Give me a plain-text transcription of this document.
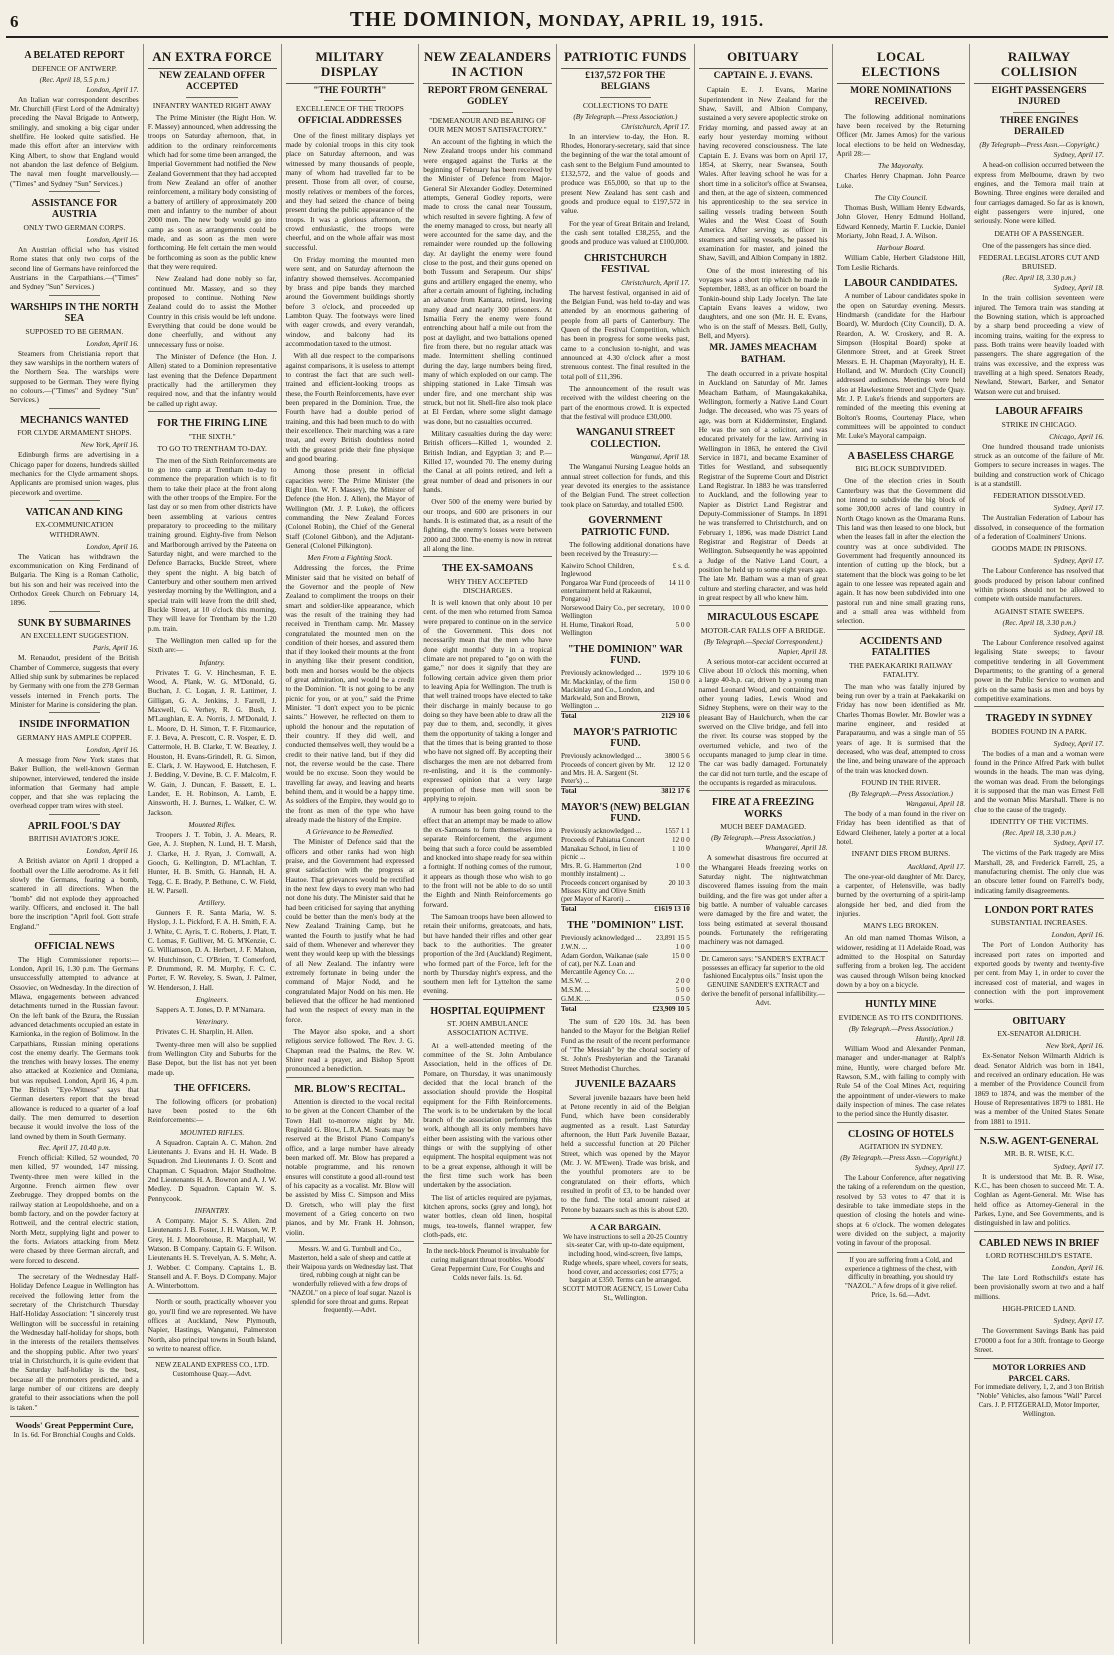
6	THE DOMINION, MONDAY, APRIL 19, 1915.
A BELATED REPORT
DEFENCE OF ANTWERP.
(Rec. April 18, 5.5 p.m.)
London, April 17.

An Italian war correspondent describes Mr. Churchill (First Lord of the Admiralty) preceding the Naval Brigade to Antwerp, smilingly, and smoking a big cigar under shellfire. He looked quite satisfied. He made this effort after an interview with King Albert, to show that England would not abandon the last defence of Belgium. The naval men fought marvellously.—("Times" and Sydney "Sun" Services.)

ASSISTANCE FOR AUSTRIA
ONLY TWO GERMAN CORPS.
London, April 16.

An Austrian official who has visited Rome states that only two corps of the second line of Germans have reinforced the Austrians in the Carpathians.—("Times" and Sydney "Sun" Services.)

WARSHIPS IN THE NORTH SEA
SUPPOSED TO BE GERMAN.
London, April 16.

Steamers from Christiania report that they saw warships in the northern waters of the Northern Sea. The warships were supposed to be German. They were flying no colours.—("Times" and Sydney "Sun" Services.)

MECHANICS WANTED
FOR CLYDE ARMAMENT SHOPS.
New York, April 16.

Edinburgh firms are advertising in a Chicago paper for dozens, hundreds skilled mechanics for the Clyde armament shops. Applicants are promised union wages, plus piecework and overtime.

VATICAN AND KING
EX-COMMUNICATION WITHDRAWN.
London, April 16.

The Vatican has withdrawn the excommunication on King Ferdinand of Bulgaria. The King is a Roman Catholic, but his son and heir was received into the Orthodox Greek Church on February 14, 1896.

SUNK BY SUBMARINES
AN EXCELLENT SUGGESTION.
Paris, April 16.

M. Renaudot, president of the British Chamber of Commerce, suggests that every Allied ship sunk by submarines be replaced by Germany with one from the 278 German vessels interned in French ports. The Minister for Marine is considering the plan.

INSIDE INFORMATION
GERMANY HAS AMPLE COPPER.
London, April 16.

A message from New York states that Baker Bullion, the well-known German shipowner, interviewed, tendered the inside information that Germany had ample copper, and that she was replacing the overhead copper tram wires with steel.

APRIL FOOL'S DAY
BRITISH AVIATOR'S JOKE.
London, April 16.

A British aviator on April 1 dropped a football over the Lille aerodrome. As it fell slowly the Germans, fearing a bomb, scattered in all directions. When the "bomb" did not explode they approached warily. Officers, and enclosed it. The ball bore the inscription "April fool. Gott strafe England."

OFFICIAL NEWS

The High Commissioner reports:— London, April 16, 1.30 p.m. The Germans unsuccessfully attempted to advance at Ossoviec, on Wednesday. In the direction of Mlawa, engagements between advanced detachments turned in the Russian favour. On the left bank of the Bzura, the Russian advanced detachments occupied an estate in Kamionka, in the region of Bolimow. In the Carpathians, Russian mining operations cost the enemy dearly. The Germans took the trenches with heavy losses. The enemy also attacked at Kozienice and Ozmiana, but was repulsed. London, April 16, 4 p.m. The British "Eye-Witness" says that German deserters report that the bread allowance is reduced to a quarter of a loaf daily. The men demurred to desertion because it would involve the loss of the land owned by them in South Germany.

Rec. April 17, 10.40 p.m.

French official: Killed, 52 wounded, 70 men killed, 97 wounded, 147 missing. Twenty-three men were killed in the Argonne. French airmen flew over Zeebrugge. They dropped bombs on the railway station at Leopoldshoehe, and on a bomb factory, and on the powder factory at Rottweil, and the central electric station, North Metz, supplying light and power to the forts. Aviators attacking from Metz were chased by three German aircraft, and were forced to descend.

The secretary of the Wednesday Half-Holiday Defence League in Wellington has received the following letter from the secretary of the Christchurch Thursday Half-Holiday Association: "I sincerely trust Wellington will be successful in retaining the Wednesday half-holiday for shops, both in the interests of the retailers themselves and the shopping public. After two years' trial in Christchurch, it is quite evident that the Saturday half-holiday is the best, because all the promoters predicted, and a large number of our citizens are deeply grateful to their associations when the poll is taken."

Woods' Great Peppermint Cure,
In 1s. 6d. For Bronchial Coughs and Colds.
AN EXTRA FORCE
NEW ZEALAND OFFER ACCEPTED
INFANTRY WANTED RIGHT AWAY

The Prime Minister (the Right Hon. W. F. Massey) announced, when addressing the troops on Saturday afternoon, that, in addition to the ordinary reinforcements which had for some time been arranged, the Imperial Government had notified the New Zealand Government that they had accepted from New Zealand an offer of another reinforcement, a military body consisting of a battery of artillery of approximately 200 men and infantry to the number of about 2000 men. The new body would go into camp as soon as arrangements could be made, and as soon as the men were forthcoming. He felt certain the men would be forthcoming as soon as the public knew that they were required.

New Zealand had done nobly so far, continued Mr. Massey, and so they proposed to continue. Nothing New Zealand could do to assist the Mother Country in this crisis would be left undone. Everything that could be done would be done cheerfully, and without any unnecessary fuss or noise.

The Minister of Defence (the Hon. J. Allen) stated to a Dominion representative last evening that the Defence Department practically had the artillerymen they required now, and that the infantry would be called up right away.

FOR THE FIRING LINE
"THE SIXTH."
TO GO TO TRENTHAM TO-DAY.

The men of the Sixth Reinforcements are to go into camp at Trentham to-day to commence the preparation which is to fit them to take their place at the front along with the other troops of the Empire. For the last day or so men from other districts have been assembling at various centres preparatory to proceeding to the military training ground. Eighty-five from Nelson and Marlborough arrived by the Pateena on Saturday night, and were marched to the Defence Barracks, Buckle Street, where they spent the night. A big batch of Canterbury and other southern men arrived yesterday morning by the Wellington, and a special train will leave from the drill shed, Buckle Street, at 10 o'clock this morning. They will leave for Trentham by the 1.20 p.m. train.

The Wellington men called up for the Sixth are:—

Infantry.

Privates T. G. V. Hinchesman, F. E. Wood, A. Plank, W. G. M'Donald, G. Buchan, J. C. Logan, J. R. Lattimer, J. Gilligan, G. A. Jenkins, J. Farrell, J. Maxwell, G. Verhey, R. G. Bush, J. M'Laughlan, E. A. Norris, J. M'Donald, J. L. Moore, D. H. Simon, T. F. Fitzmaurice, F. J. Beva, A. Prescott, C. R. Vosper, E. D. Cattermole, H. B. Clarke, T. W. Beazley, J. Houston, H. Evans-Grindell, R. G. Simon, E. Clark, J. W. Haywood, E. Hutchesen, F. J. Bedding, V. Devine, B. C. F. Malcolm, F. W. Gain, J. Duncan, F. Bassett, E. L. Lander, E. H. Robinson, A. Lamb, E. Ainsworth, H. J. Burnes, L. Walker, C. W. Jackson.

Mounted Rifles.

Troopers J. T. Tobin, J. A. Mears, R. Gee, A. J. Stephen, N. Lund, H. T. Marsh, J. Clarke, H. J. Ryan, J. Cornwall, A. Gooch, G. Kellington, D. M'Lachlan, T. Hunter, H. B. Smith, G. Hannah, H. A. Tegg, C. E. Brady, P. Bethune, C. W. Field, H. W. Parsell.

Artillery.

Gunners F. R. Santa Maria, W. S. Hyslop, J. L. Pickford, F. A. H. Smith, F. A. J. White, C. Ayris, T. C. Roberts, J. Platt, T. C. Lomas, F. Gulliver, M. G. M'Kenzie, C. G. Williamson, D. A. Herbert, J. F. Mahon, W. Hutchinson, C. O'Brien, T. Comerford, P. Drummond, R. M. Murphy, F. C. C. Porter, F. W. Reveley, S. Swan, J. Palmer, W. Henderson, J. Hall.

Engineers.

Sappers A. T. Jones, D. P. M'Namara.

Veterinary.

Privates C. H. Sharplin, H. Allen.

Twenty-three men will also be supplied from Wellington City and Suburbs for the Base Depot, but the list has not yet been made up.

THE OFFICERS.

The following officers (or probation) have been posted to the 6th Reinforcements:—

MOUNTED RIFLES.

A Squadron. Captain A. C. Mahon. 2nd Lieutenants J. Evans and H. H. Wade. B Squadron. 2nd Lieutenants J. O. Scott and Chapman. C Squadron. Major Studholme. 2nd Lieutenants H. A. Bowron and A. J. W. Medley. D Squadron. Captain W. S. Pennycook.

INFANTRY.

A Company. Major S. S. Allen. 2nd Lieutenants J. B. Foster, J. H. Watson, W. P. Grey, H. J. Moorehouse, R. Macphail, W. Watson. B Company. Captain G. F. Wilson. Lieutenants H. S. Trevelyan, A. S. Mehr, A. J. Webber. C Company. Captains L. B. Stansell and A. F. Boys. D Company. Major A. Winterbottom.

North or south, practically whoever you go, you'll find we are represented. We have offices at Auckland, New Plymouth, Napier, Hastings, Wanganui, Palmerston North, also principal towns in South Island, so write to nearest office.

NEW ZEALAND EXPRESS CO., LTD. Customhouse Quay.—Advt.
MILITARY DISPLAY
"THE FOURTH"
EXCELLENCE OF THE TROOPS
OFFICIAL ADDRESSES

One of the finest military displays yet made by colonial troops in this city took place on Saturday afternoon, and was witnessed by many thousands of people, many of whom had travelled far to be present. Those from all over, of course, mostly relatives or members of the forces, and they had seized the chance of being present during the public appearance of the troops. It was a glorious afternoon, the crowd enthusiastic, the troops were cheerful, and on the whole affair was most successful.

On Friday morning the mounted men were sent, and on Saturday afternoon the infantry showed themselves. Accompanied by brass and pipe bands they marched around the Government buildings shortly before 3 o'clock, and proceeded up Lambton Quay. The footways were lined with eager crowds, and every verandah, window, and balcony had its accommodation taxed to the utmost.

With all due respect to the comparisons against comparisons, it is useless to attempt to contrast the fact that are such well-trained and efficient-looking troops as these, the Fourth Reinforcements, have ever been prepared in the Dominion. True, the Fourth have had a double period of training, and this had been much to do with their excellence. Their marching was a rare treat, and every British doubtless noted with the greatest pride their fine physique and good bearing.

Among those present in official capacities were: The Prime Minister (the Right Hon. W. F. Massey), the Minister of Defence (the Hon. J. Allen), the Mayor of Wellington (Mr. J. P. Luke), the officers commanding the New Zealand Forces (Colonel Robin), the Chief of the General Staff (Colonel Gibbon), and the Adjutant-General (Colonel Pilkington).

Men From a Fighting Stock.

Addressing the forces, the Prime Minister said that he visited on behalf of the Governor and the people of New Zealand to compliment the troops on their smart and soldier-like appearance, which was the result of the training they had received in Trentham camp. Mr. Massey congratulated the mounted men on the condition of their horses, and assured them that if they looked their mounts at the front in anything like their present condition, both men and horses would be the objects of great admiration, and would be a credit to the Dominion. "It is not going to be any picnic for you, or at you," said the Prime Minister. "I don't expect you to be picnic saints." However, he reflected on them to uphold the honour and the reputation of their country. If they did well, and conducted themselves well, they would be a credit to their native land, but if they did not, the reverse would be the case. There would be no excuse. Soon they would be travelling far away, and leaving and hearts behind them, and it would be a happy time. As soldiers of the Empire, they would go to the front as men of the type who have already made the history of the Empire.

A Grievance to be Remedied.

The Minister of Defence said that the officers and other ranks had won high praise, and the Government had expressed great satisfaction with the progress at Hautoe. That grievances would be rectified in the next few days to every man who had not done his duty. The Minister said that he had been criticised for saying that anything could be better than the men's body at the New Zealand Training Camp, but he wanted the Fourth to justify what he had said of them. Whenever and wherever they went they would keep up with the blessings of all New Zealand. The infantry were extremely fortunate in being under the command of Major Nodd, and he congratulated Major Nodd on his men. He believed that the officer he had mentioned had won the respect of every man in the force.

The Mayor also spoke, and a short religious service followed. The Rev. J. G. Chapman read the Psalms, the Rev. W. Shirer read a prayer, and Bishop Sprott pronounced a benediction.

MR. BLOW'S RECITAL.

Attention is directed to the vocal recital to be given at the Concert Chamber of the Town Hall to-morrow night by Mr. Reginald G. Blow, L.R.A.M. Seats may be reserved at the Bristol Piano Company's office, and a large number have already been marked off. Mr. Blow has prepared a notable programme, and his renown ensures will constitute a good all-round test of his capacity as a vocalist. Mr. Blow will be assisted by Miss C. Simpson and Miss D. Gretsch, who will play the first movement of a Grieg concerto on two pianos, and by Mr. Frank H. Johnson, violin.

Messrs. W. and G. Turnbull and Co., Masterton, held a sale of sheep and cattle at their Waipoua yards on Wednesday last. That tired, rubbing cough at night can be wonderfully relieved with a few drops of "NAZOL" on a piece of loaf sugar. Nazol is splendid for sore throat and gums. Repeat frequently.—Advt.
NEW ZEALANDERS IN ACTION
REPORT FROM GENERAL GODLEY
"DEMEANOUR AND BEARING OF OUR MEN MOST SATISFACTORY."

An account of the fighting in which the New Zealand troops under his command were engaged against the Turks at the beginning of February has been received by the Minister of Defence from Major-General Sir Alexander Godley. Determined attempts, General Godley reports, were made to cross the canal near Toussum, which resulted in severe fighting. A few of the enemy managed to cross, but nearly all were accounted for the same day, and the remainder were rounded up the following day. At daylight the enemy were found close to the post, and their guns opened on both Tussum and Serapeum. Our ships' guns and artillery engaged the enemy, who after a certain amount of fighting, including an advance from Kantara, retired, leaving many dead and nearly 300 prisoners. At Ismailia Ferry the enemy were found entrenching about half a mile out from the post at daylight, and two battalions opened fire from there, but no regular attack was made. Intermittent shelling continued during the day, large numbers being fired, many of which exploded on our camp. The shipping stationed in Lake Timsah was under fire, and one merchant ship was struck, but not lit. Shell-fire also took place at El Ferdan, where some slight damage was done, but no casualties occurred.

Military casualties during the day were: British officers—Killed 1, wounded 2. British Indian, and Egyptian 3; and P.—Killed 17, wounded 70. The enemy during the Canal at all points retired, and left a great number of dead and prisoners in our hands.

Over 500 of the enemy were buried by our troops, and 600 are prisoners in our hands. It is estimated that, as a result of the fighting, the enemy's losses were between 2000 and 3000. The enemy is now in retreat all along the line.

THE EX-SAMOANS
WHY THEY ACCEPTED DISCHARGES.

It is well known that only about 10 per cent. of the men who returned from Samoa were prepared to continue on in the service of the Government. This does not necessarily mean that the men who have done eight months' duty in a tropical climate are not prepared to "go on with the game," nor does it signify that they are following certain advice given them prior to leaving Apia for Wellington. The truth is that well trained troops have elected to take their discharge in mainly because to go doing so they have been able to draw all the pay due to them, and, secondly, it gives them the opportunity of taking a longer and that the times that is being granted to those who have not signed off. By accepting their discharges the men are not debarred from re-enlisting, and it is the commonly-expressed opinion that a very large proportion of these men will soon be applying to rejoin.

A rumour has been going round to the effect that an attempt may be made to allow the ex-Samoans to form themselves into a separate Reinforcement, the argument being that such a force could be assembled and knocked into shape ready for sea within a fortnight. If nothing comes of the rumour, it appears as though those who wish to go to the front will not be able to do so until the Eighth and Ninth Reinforcements go forward.

The Samoan troops have been allowed to retain their uniforms, greatcoats, and hats, but have handed their rifles and other gear back to the authorities. The greater proportion of the 3rd (Auckland) Regiment, who formed part of the Force, left for the north by Thursday night's express, and the southern men left for Lyttelton the same evening.

HOSPITAL EQUIPMENT
ST. JOHN AMBULANCE ASSOCIATION ACTIVE.

At a well-attended meeting of the committee of the St. John Ambulance Association, held in the offices of Dr. Pomare, on Thursday, it was unanimously decided that the local branch of the association should provide the Hospital equipment for the Fifth Reinforcements. The work is to be undertaken by the local branch of the association performing this work, although all its only members have either been assisting with the various other things or with the supplying of other equipment. The hospital equipment was not to be a great expense, although it will be the first time such work has been undertaken by the association.

The list of articles required are pyjamas, kitchen aprons, socks (grey and long), hot water bottles, clean old linen, hospital mugs, tea-towels, flannel wrapper, few cloth-pads, etc.

In the neck-block Pneumol is invaluable for curing malignant throat troubles. Woods' Great Peppermint Cure, For Coughs and Colds never fails. 1s. 6d.
PATRIOTIC FUNDS
£137,572 FOR THE BELGIANS
COLLECTIONS TO DATE
(By Telegraph.—Press Association.)
Christchurch, April 17.

In an interview to-day, the Hon. R. Rhodes, Honorary-secretary, said that since the beginning of the war the total amount of cash sent to the Belgium Fund amounted to £132,572, and the value of goods and produce was £65,000, so that up to the present New Zealand has sent cash and goods and produce equal to £197,572 in value.

For the year of Great Britain and Ireland, the cash sent totalled £38,255, and the goods and produce was valued at £100,000.

CHRISTCHURCH FESTIVAL
Christchurch, April 17.

The harvest festival, organised in aid of the Belgian Fund, was held to-day and was attended by an enormous gathering of people from all parts of Canterbury. The Queen of the Festival Competition, which has been in progress for some weeks past, came to a conclusion to-night, and was announced at 4.30 o'clock after a most strenuous contest. The final resulted in the total poll of £11,396.

The announcement of the result was received with the wildest cheering on the part of the enormous crowd. It is expected that the festival will produce £30,000.

WANGANUI STREET COLLECTION.
Wanganui, April 18.

The Wanganui Nursing League holds an annual street collection for funds, and this year devoted its energies to the assistance of the Belgian Fund. The street collection took place on Saturday, and totalled £500.

GOVERNMENT PATRIOTIC FUND.

The following additional donations have been received by the Treasury:—

Kaiwiro School Children, Inglewood	£ s. d.
Pongaroa War Fund (proceeds of entertainment held at Rakaunui, Pongaroa)	14 11 0
Norsewood Dairy Co., per secretary, Wellington	10 0 0
H. Hume, Tinakori Road, Wellington	5 0 0
"THE DOMINION" WAR FUND.
Previously acknowledged ...	1979 10 6
Mr. Mackinlay, of the firm Mackinlay and Co., London, and Markwald, Son and Brown, Wellington ...	150 0 0
Total	2129 10 6
MAYOR'S PATRIOTIC FUND.
Previously acknowledged ...	3800 5 6
Proceeds of concert given by Mr. and Mrs. H. A. Sargent (St. Peter's) ...	12 12 0
Total	3812 17 6
MAYOR'S (NEW) BELGIAN FUND.
Previously acknowledged ...	1557 1 1
Proceeds of Pahiatua Concert	12 0 0
Manakau School, in lieu of picnic ...	1 10 0
Mrs. R. G. Hammerton (2nd monthly instalment) ...	1 0 0
Proceeds concert organised by Misses Kitty and Olive Smith (per Mayor of Karori) ...	20 10 3
Total	£1619 13 10
THE "DOMINION" LIST.
Previously acknowledged ...	23,891 15 5
J.W.N. ...	1 0 0
Adam Gordon, Waikanae (sale of cat), per N.Z. Loan and Mercantile Agency Co. ...	15 0 0
M.S.W. ...	2 0 0
M.S.M. ...	5 0 0
G.M.K. ...	0 5 0
Total	£23,909 10 5

The sum of £20 10s. 3d. has been handed to the Mayor for the Belgian Relief Fund as the result of the recent performance of "The Messiah" by the choral society of St. John's Presbyterian and the Taranaki Street Methodist Churches.

JUVENILE BAZAARS

Several juvenile bazaars have been held at Petone recently in aid of the Belgian Fund, which have been considerably augmented as a result. Last Saturday afternoon, the Hutt Park Juvenile Bazaar, held a successful function at 20 Pilcher Street, which was opened by the Mayor (Mr. J. W. M'Ewen). Trade was brisk, and the youthful promoters are to be congratulated on their efforts, which resulted in profit of £3, to be handed over to the fund. The total amount raised at Petone by bazaars such as this is about £20.

A CAR BARGAIN.
We have instructions to sell a 20-25 Country six-seater Car, with up-to-date equipment, including hood, wind-screen, five lamps, Rudge wheels, spare wheel, covers for seats, hood cover, and accessories; cost £775; a bargain at £350. Terms can be arranged. SCOTT MOTOR AGENCY, 15 Lower Cuba St., Wellington.
OBITUARY
CAPTAIN E. J. EVANS.

Captain E. J. Evans, Marine Superintendent in New Zealand for the Shaw, Savill, and Albion Company, sustained a very severe apoplectic stroke on Friday morning, and passed away at an early hour yesterday morning without having recovered consciousness. The late Captain E. J. Evans was born on April 17, 1854, at Skerry, near Swansea, South Wales. After leaving school he was for a short time in a solicitor's office at Swansea, and then, at the age of sixteen, commenced his apprenticeship to the sea service in sailing vessels trading between South Wales and the West Coast of South America. After serving as officer in steamers and sailing vessels, he passed his examination for master, and joined the Shaw, Savill, and Albion Company in 1882.

One of the most interesting of his voyages was a short trip which he made in September, 1883, as an officer on board the Tonkin-bound ship Lady Jocelyn. The late Captain Evans leaves a widow, two daughters, and one son (Mr. H. E. Evans, who is on the staff of Messrs. Bell, Gully, Bell, and Myers).

MR. JAMES MEACHAM BATHAM.

The death occurred in a private hospital in Auckland on Saturday of Mr. James Meacham Batham, of Maungakakahika, Wellington, formerly a Native Land Court Judge. The deceased, who was 75 years of age, was born at Kidderminster, England. He was the son of a solicitor, and was educated privately for the law. Arriving in Wellington in 1863, he entered the Civil Service in 1871, and became Examiner of Titles for Westland, and subsequently Registrar of the Supreme Court and District Land Registrar. In 1883 he was transferred to Auckland, and the following year to Napier as District Land Registrar and Deputy-Commissioner of Stamps. In 1891 he was transferred to Christchurch, and on February 1, 1896, was made District Land Registrar and Registrar of Deeds at Wellington. Subsequently he was appointed a Judge of the Native Land Court, a position he held up to some eight years ago. The late Mr. Batham was a man of great culture and sterling character, and was held in great respect by all who knew him.

MIRACULOUS ESCAPE
MOTOR-CAR FALLS OFF A BRIDGE.
(By Telegraph.—Special Correspondent.)
Napier, April 18.

A serious motor-car accident occurred at Clive about 10 o'clock this morning, when a large 40-h.p. car, driven by a young man named Leonard Wood, and containing two other young ladies, Lewis Wood and Sidney Stephens, were on their way to the pleasant Bay of Haulchurch, when the car swerved on the Clive bridge, and fell into the river. Its course was stopped by the overturned vehicle, and two of the occupants managed to jump clear in time. The car was badly damaged. Fortunately the car did not turn turtle, and the escape of the occupants is regarded as miraculous.

FIRE AT A FREEZING WORKS
MUCH BEEF DAMAGED.
(By Telegraph.—Press Association.)
Whangarei, April 18.

A somewhat disastrous fire occurred at the Whangarei Heads freezing works on Saturday night. The nightwatchman discovered flames issuing from the main building, and the fire was got under after a big battle. A number of valuable carcases were damaged by the fire and water, the loss being estimated at several thousand pounds. Fortunately the refrigerating machinery was not damaged.

Dr. Cameron says: "SANDER'S EXTRACT possesses an efficacy far superior to the old fashioned Eucalyptus oils." Insist upon the GENUINE SANDER'S EXTRACT and derive the benefit of personal infallibility.—Advt.
LOCAL ELECTIONS
MORE NOMINATIONS RECEIVED.

The following additional nominations have been received by the Returning Officer (Mr. James Amos) for the various local elections to be held on Wednesday, April 28:—

The Mayoralty.

Charles Henry Chapman. John Pearce Luke.

The City Council.

Thomas Bush, William Henry Edwards, John Glover, Henry Edmund Holland, Edward Kennedy, Martin F. Luckie, Daniel Moriarty, John Read, J. A. Wilson.

Harbour Board.

William Cable, Herbert Gladstone Hill, Tom Leslie Richards.

LABOUR CANDIDATES.

A number of Labour candidates spoke in the open on Saturday evening. Messrs. Hindmarsh (candidate for the Harbour Board), W. Murdoch (City Council), D. A. Reardon, A. W. Croskery, and R. A. Simpson (Hospital Board) spoke at Glenmore Street, and at Greek Street Messrs. E. H. Chapman (Mayoralty), H. E. Holland, and W. Murdoch (City Council) addressed audiences. Meetings were held also at Hawkestone Street and Clyde Quay. Mr. J. P. Luke's friends and supporters are reminded of the meeting this evening at Bolton's Rooms, Courtenay Place, when committees will be appointed to conduct Mr. Luke's Mayoral campaign.

A BASELESS CHARGE
BIG BLOCK SUBDIVIDED.

One of the election cries in South Canterbury was that the Government did not intend to subdivide the big block of some 300,000 acres of land country in North Otago known as the Omarama Runs. This land was then leased to one block, but when the leases fall in after the election the country was at once subdivided. The Government had frequently announced its intention of cutting up the block, but a statement that the block was going to be let again to one lessee was repeated again and again. It has now been subdivided into one pastoral run and nine small grazing runs, and a small area was withheld from selection.

ACCIDENTS AND FATALITIES
THE PAEKAKARIKI RAILWAY FATALITY.

The man who was fatally injured by being run over by a train at Paekakariki on Friday has now been identified as Mr. Charles Thomas Bowler. Mr. Bowler was a marine engineer, and resided at Paraparaumu, and was a single man of 55 years of age. It is surmised that the deceased, who was deaf, attempted to cross the line, and being unaware of the approach of the train was knocked down.

FOUND IN THE RIVER.
(By Telegraph.—Press Association.)
Wanganui, April 18.

The body of a man found in the river on Friday has been identified as that of Edward Cleihener, lately a porter at a local hotel.

INFANT DIES FROM BURNS.
Auckland, April 17.

The one-year-old daughter of Mr. Darcy, a carpenter, of Helensville, was badly burned by the overturning of a spirit-lamp alongside her bed, and died from the injuries.

MAN'S LEG BROKEN.

An old man named Thomas Wilson, a widower, residing at 11 Adelaide Road, was admitted to the Hospital on Saturday suffering from a broken leg. The accident was caused through Wilson being knocked down by a boy on a bicycle.

HUNTLY MINE
EVIDENCE AS TO ITS CONDITIONS.
(By Telegraph.—Press Association.)
Huntly, April 18.

William Wood and Alexander Penman, manager and under-manager at Ralph's mine, Huntly, were charged before Mr. Rawson, S.M., with failing to comply with Rule 54 of the Coal Mines Act, requiring the appointment of under-viewers to make daily inspection of mines. The case relates to the period since the Huntly disaster.

CLOSING OF HOTELS
AGITATION IN SYDNEY.
(By Telegraph.—Press Assn.—Copyright.)
Sydney, April 17.

The Labour Conference, after negativing the taking of a referendum on the question, resolved by 53 votes to 47 that it is desirable to take immediate steps in the question of closing the hotels and wine-shops at 6 o'clock. The women delegates were divided on the subject, a majority voting in favour of the proposal.

If you are suffering from a Cold, and experience a tightness of the chest, with difficulty in breathing, you should try "NAZOL." A few drops of it give relief. Price, 1s. 6d.—Advt.
RAILWAY COLLISION
EIGHT PASSENGERS INJURED
THREE ENGINES DERAILED
(By Telegraph—Press Assn.—Copyright.)
Sydney, April 17.

A head-on collision occurred between the express from Melbourne, drawn by two engines, and the Temora mail train at Bowning. Three engines were derailed and four carriages damaged. So far as is known, eight passengers were injured, one seriously. None were killed.

DEATH OF A PASSENGER.

One of the passengers has since died.

FEDERAL LEGISLATORS CUT AND BRUISED.
(Rec. April 18, 3.30 p.m.)
Sydney, April 18.

In the train collision seventeen were injured. The Temora train was standing at the Bowning station, which is approached by a sharp bend proceeding a view of incoming trains, waiting for the express to pass. Both trains were heavily loaded with passengers. The share aggregation of the trains was excessive, and the express was travelling at a high speed. Senators Ready, Newland, Stewart, Barker, and Senator Watson were cut and bruised.

LABOUR AFFAIRS
STRIKE IN CHICAGO.
Chicago, April 16.

One hundred thousand trade unionists struck as an outcome of the failure of Mr. Gompers to secure increases in wages. The building and construction work of Chicago is at a standstill.

FEDERATION DISSOLVED.
Sydney, April 17.

The Australian Federation of Labour has dissolved, in consequence of the formation of a federation of Coalminers' Unions.

GOODS MADE IN PRISONS.
Sydney, April 17.

The Labour Conference has resolved that goods produced by prison labour confined within prisons should not be allowed to compete with outside manufacturers.

AGAINST STATE SWEEPS.
(Rec. April 18, 3.30 p.m.)
Sydney, April 18.

The Labour Conference resolved against legalising State sweeps; to favour competitive tendering in all Government Departments; to the granting of a general power in the Public Service to women and girls on the same basis as men and boys by competitive examinations.

TRAGEDY IN SYDNEY
BODIES FOUND IN A PARK.
Sydney, April 17.

The bodies of a man and a woman were found in the Prince Alfred Park with bullet wounds in the heads. The man was dying, the woman was dead. From the belongings it is supposed that the man was Ernest Fell and the woman Miss Marshall. There is no clue to the cause of the tragedy.

IDENTITY OF THE VICTIMS.
(Rec. April 18, 3.30 p.m.)
Sydney, April 17.

The victims of the Park tragedy are Miss Marshall, 28, and Frederick Farrell, 25, a manufacturing chemist. The only clue was an obscure letter found on Farrell's body, indicating family disagreements.

LONDON PORT RATES
SUBSTANTIAL INCREASES.
London, April 16.

The Port of London Authority has increased port rates on imported and exported goods by twenty and twenty-five per cent. from May 1, in order to cover the increased cost of material, and wages in connection with the port improvement works.

OBITUARY
EX-SENATOR ALDRICH.
New York, April 16.

Ex-Senator Nelson Wilmarth Aldrich is dead. Senator Aldrich was born in 1841, and received an ordinary education. He was a member of the Providence Council from 1869 to 1874, and was the member of the House of Representatives 1879 to 1881. He was a member of the United States Senate from 1881 to 1911.

N.S.W. AGENT-GENERAL
MR. B. R. WISE, K.C.
Sydney, April 17.

It is understood that Mr. B. R. Wise, K.C., has been chosen to succeed Mr. T. A. Coghlan as Agent-General. Mr. Wise has held office as Attorney-General in the Parkes, Lyne, and See Governments, and is distinguished in law and politics.

CABLED NEWS IN BRIEF
LORD ROTHSCHILD'S ESTATE.
London, April 16.

The late Lord Rothschild's estate has been provisionally sworn at two and a half millions.

HIGH-PRICED LAND.
Sydney, April 17.

The Government Savings Bank has paid £70000 a foot for a 30ft. frontage to George Street.

MOTOR LORRIES AND PARCEL CARS.
For immediate delivery, 1, 2, and 3 ton British "Noble" Vehicles, also famous "Wall" Parcel Cars. J. P. FITZGERALD, Motor Importer, Wellington.
